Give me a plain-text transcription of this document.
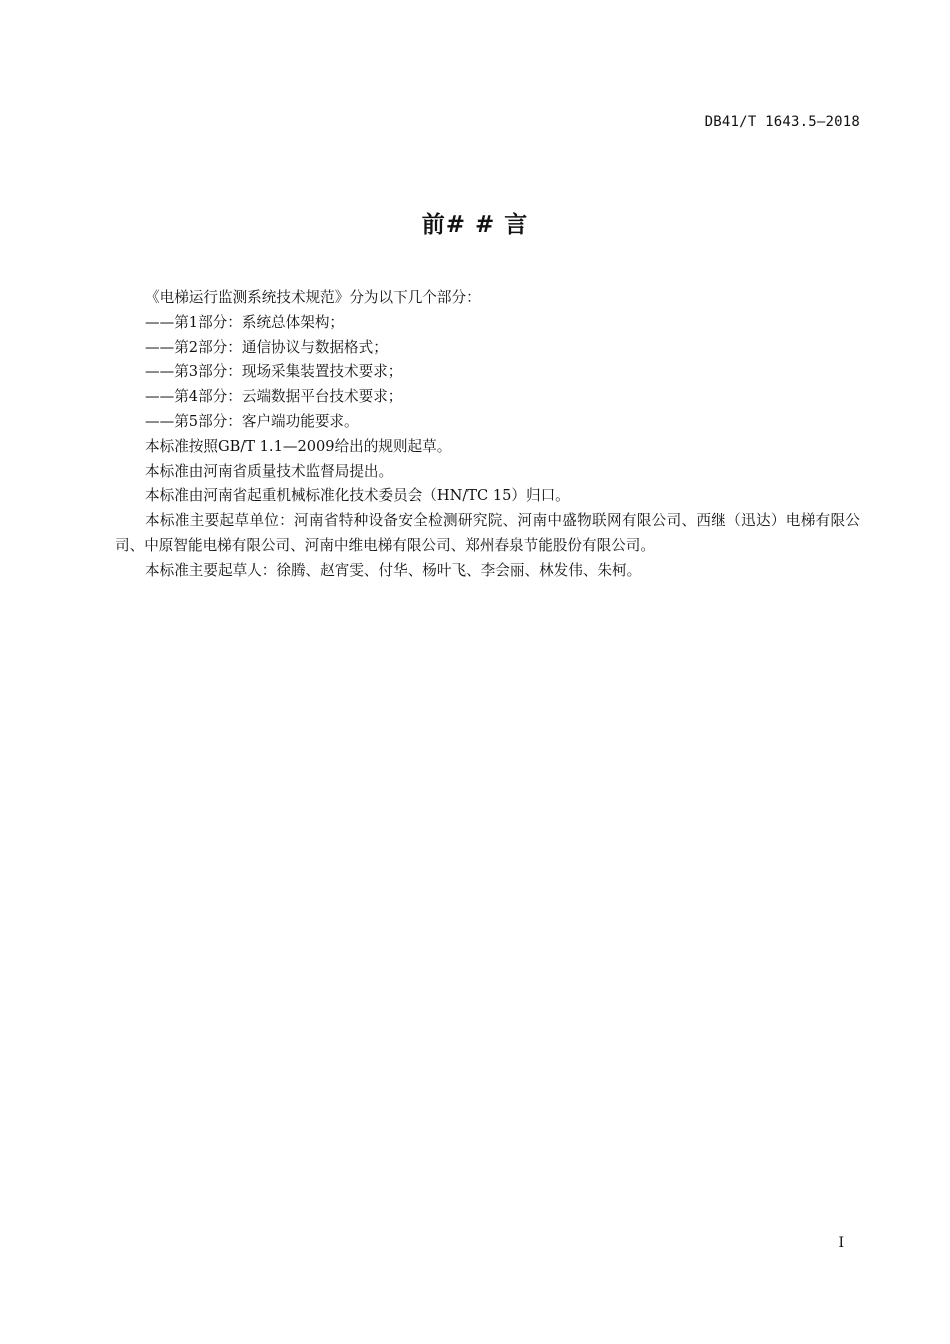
DB41/T 1643.5—2018
前# # 言

《电梯运行监测系统技术规范》分为以下几个部分：

——第1部分：系统总体架构；

——第2部分：通信协议与数据格式；

——第3部分：现场采集装置技术要求；

——第4部分：云端数据平台技术要求；

——第5部分：客户端功能要求。

本标准按照GB/T 1.1—2009给出的规则起草。

本标准由河南省质量技术监督局提出。

本标准由河南省起重机械标准化技术委员会（HN/TC 15）归口。

本标准主要起草单位：河南省特种设备安全检测研究院、河南中盛物联网有限公司、西继（迅达）电梯有限公司、中原智能电梯有限公司、河南中维电梯有限公司、郑州春泉节能股份有限公司。

本标准主要起草人：徐腾、赵宵雯、付华、杨叶飞、李会丽、林发伟、朱柯。

I
